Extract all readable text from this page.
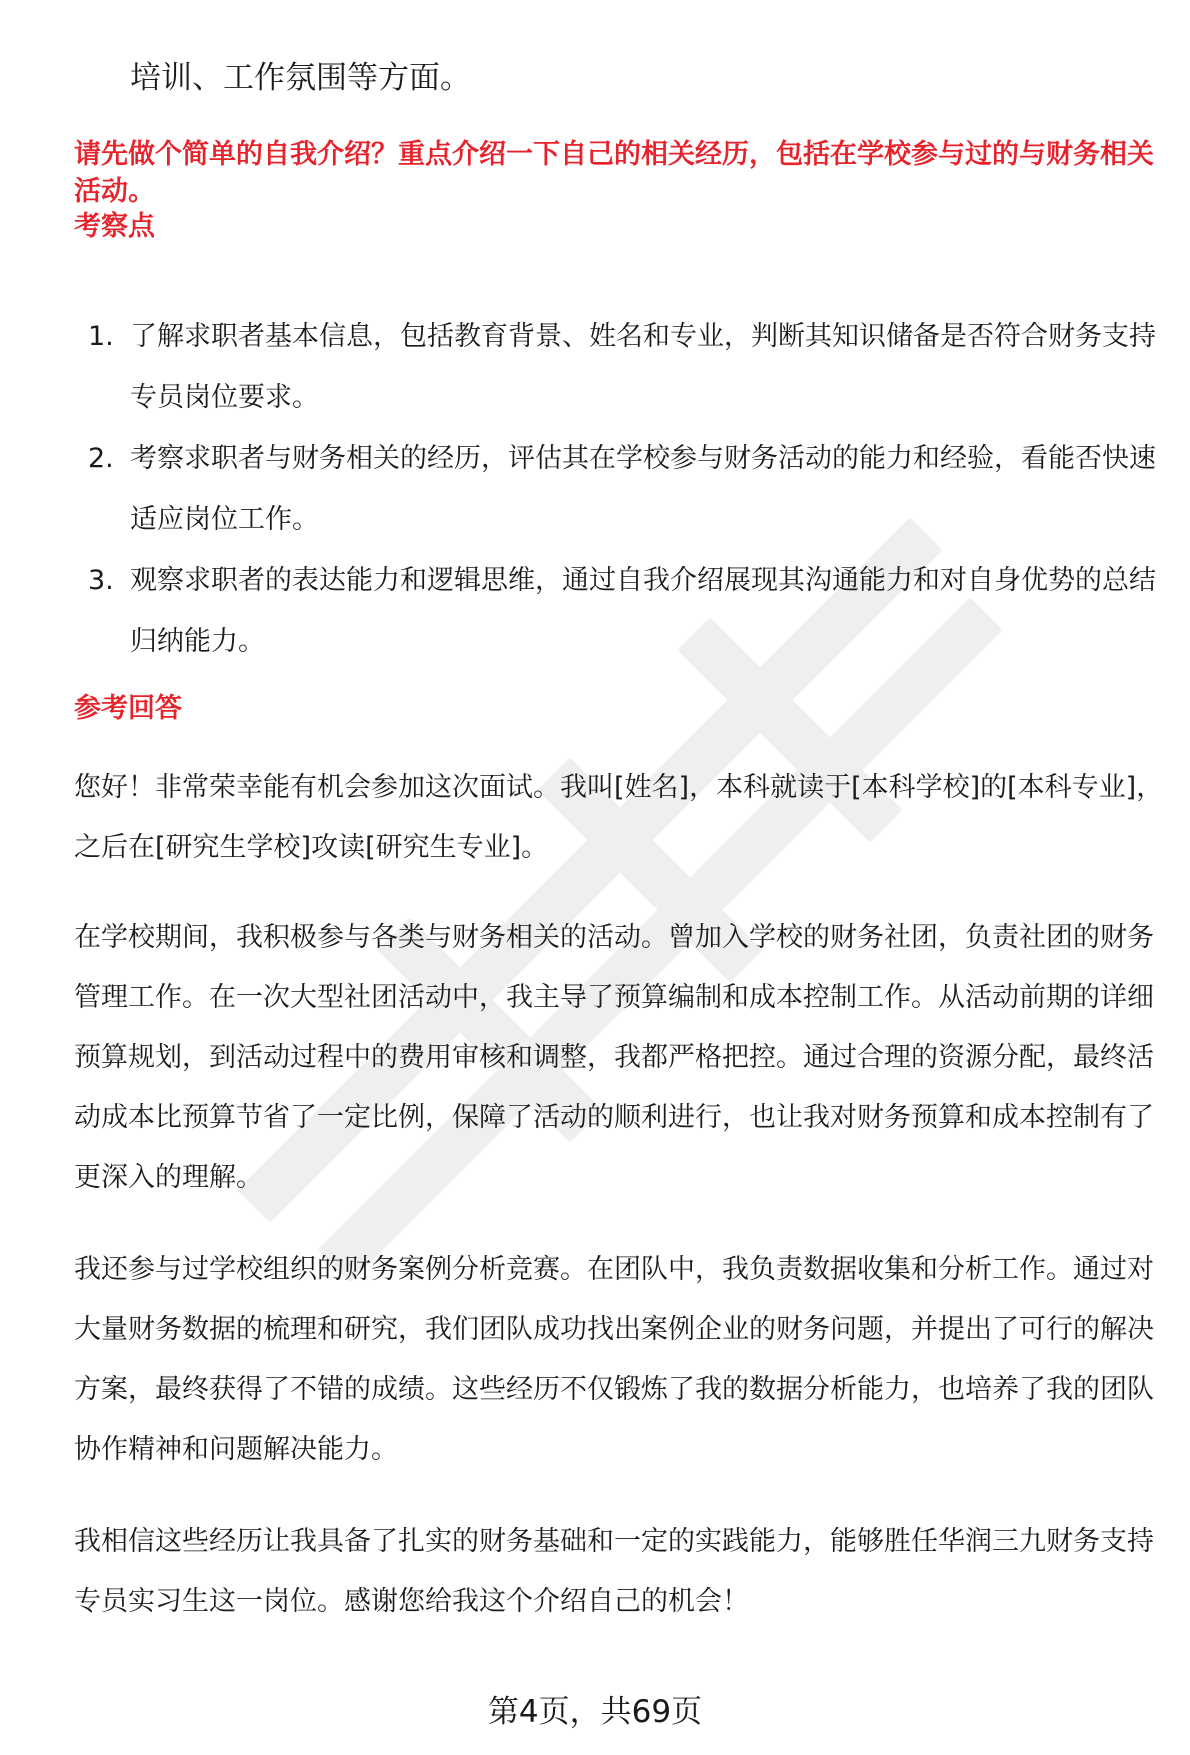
培训、工作氛围等方面。

请先做个简单的自我介绍？重点介绍一下自己的相关经历，包括在学校参与过的与财务相关活动。

考察点
1. 了解求职者基本信息，包括教育背景、姓名和专业，判断其知识储备是否符合财务支持专员岗位要求。
2. 考察求职者与财务相关的经历，评估其在学校参与财务活动的能力和经验，看能否快速适应岗位工作。
3. 观察求职者的表达能力和逻辑思维，通过自我介绍展现其沟通能力和对自身优势的总结归纳能力。
参考回答

您好！非常荣幸能有机会参加这次面试。我叫[姓名]，本科就读于[本科学校]的[本科专业]，之后在[研究生学校]攻读[研究生专业]。

在学校期间，我积极参与各类与财务相关的活动。曾加入学校的财务社团，负责社团的财务管理工作。在一次大型社团活动中，我主导了预算编制和成本控制工作。从活动前期的详细预算规划，到活动过程中的费用审核和调整，我都严格把控。通过合理的资源分配，最终活动成本比预算节省了一定比例，保障了活动的顺利进行，也让我对财务预算和成本控制有了更深入的理解。

我还参与过学校组织的财务案例分析竞赛。在团队中，我负责数据收集和分析工作。通过对大量财务数据的梳理和研究，我们团队成功找出案例企业的财务问题，并提出了可行的解决方案，最终获得了不错的成绩。这些经历不仅锻炼了我的数据分析能力，也培养了我的团队协作精神和问题解决能力。

我相信这些经历让我具备了扎实的财务基础和一定的实践能力，能够胜任华润三九财务支持专员实习生这一岗位。感谢您给我这个介绍自己的机会！

第4页，共69页
